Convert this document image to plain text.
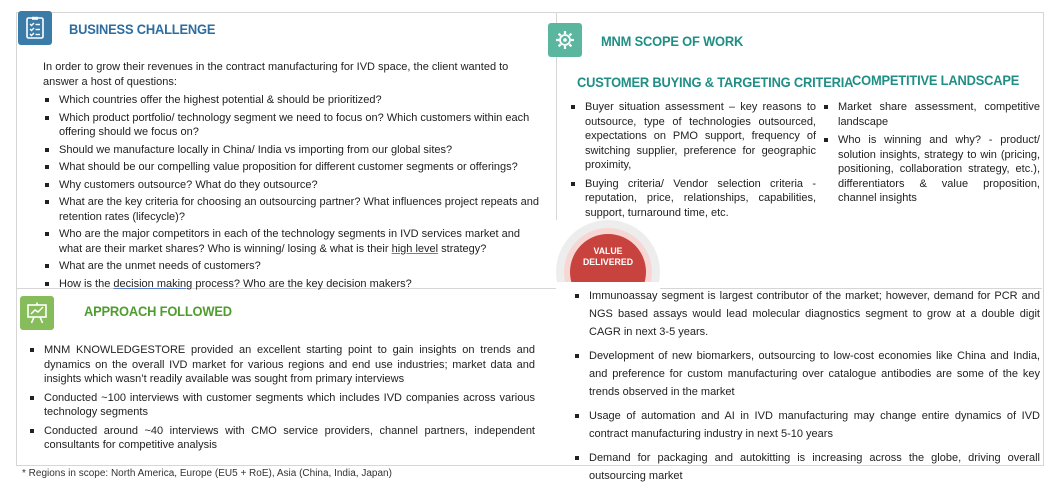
BUSINESS CHALLENGE
In order to grow their revenues in the contract manufacturing for IVD space, the client wanted to answer a host of questions:
Which countries offer the highest potential & should be prioritized?
Which product portfolio/ technology segment we need to focus on? Which customers within each offering should we focus on?
Should we manufacture locally in China/ India vs importing from our global sites?
What should be our compelling value proposition for different customer segments or offerings?
Why customers outsource? What do they outsource?
What are the key criteria for choosing an outsourcing partner? What influences project repeats and retention rates (lifecycle)?
Who are the major competitors in each of the technology segments in IVD services market and what are their market shares? Who is winning/ losing & what is their high level strategy?
What are the unmet needs of customers?
How is the decision making process? Who are the key decision makers?
MNM SCOPE OF WORK
CUSTOMER BUYING & TARGETING CRITERIA
COMPETITIVE LANDSCAPE
Buyer situation assessment – key reasons to outsource, type of technologies outsourced, expectations on PMO support, frequency of switching supplier, preference for geographic proximity,
Buying criteria/ Vendor selection criteria - reputation, price, relationships, capabilities, support, turnaround time, etc.
Market share assessment, competitive landscape
Who is winning and why? - product/ solution insights, strategy to win (pricing, positioning, collaboration strategy, etc.), differentiators & value proposition, channel insights
VALUE
DELIVERED
APPROACH FOLLOWED
MNM KNOWLEDGESTORE provided an excellent starting point to gain insights on trends and dynamics on the overall IVD market for various regions and end use industries; market data and insights which wasn’t readily available was sought from primary interviews
Conducted ~100 interviews with customer segments which includes IVD companies across various technology segments
Conducted around ~40 interviews with CMO service providers, channel partners, independent consultants for competitive analysis
Immunoassay segment is largest contributor of the market; however, demand for PCR and NGS based assays would lead molecular diagnostics segment to grow at a double digit CAGR in next 3-5 years.
Development of new biomarkers, outsourcing to low-cost economies like China and India, and preference for custom manufacturing over catalogue antibodies are some of the key trends observed in the market
Usage of automation and AI in IVD manufacturing may change entire dynamics of IVD contract manufacturing industry in next 5-10 years
Demand for packaging and autokitting is increasing across the globe, driving overall outsourcing market
* Regions in scope: North America, Europe (EU5 + RoE), Asia (China, India, Japan)
